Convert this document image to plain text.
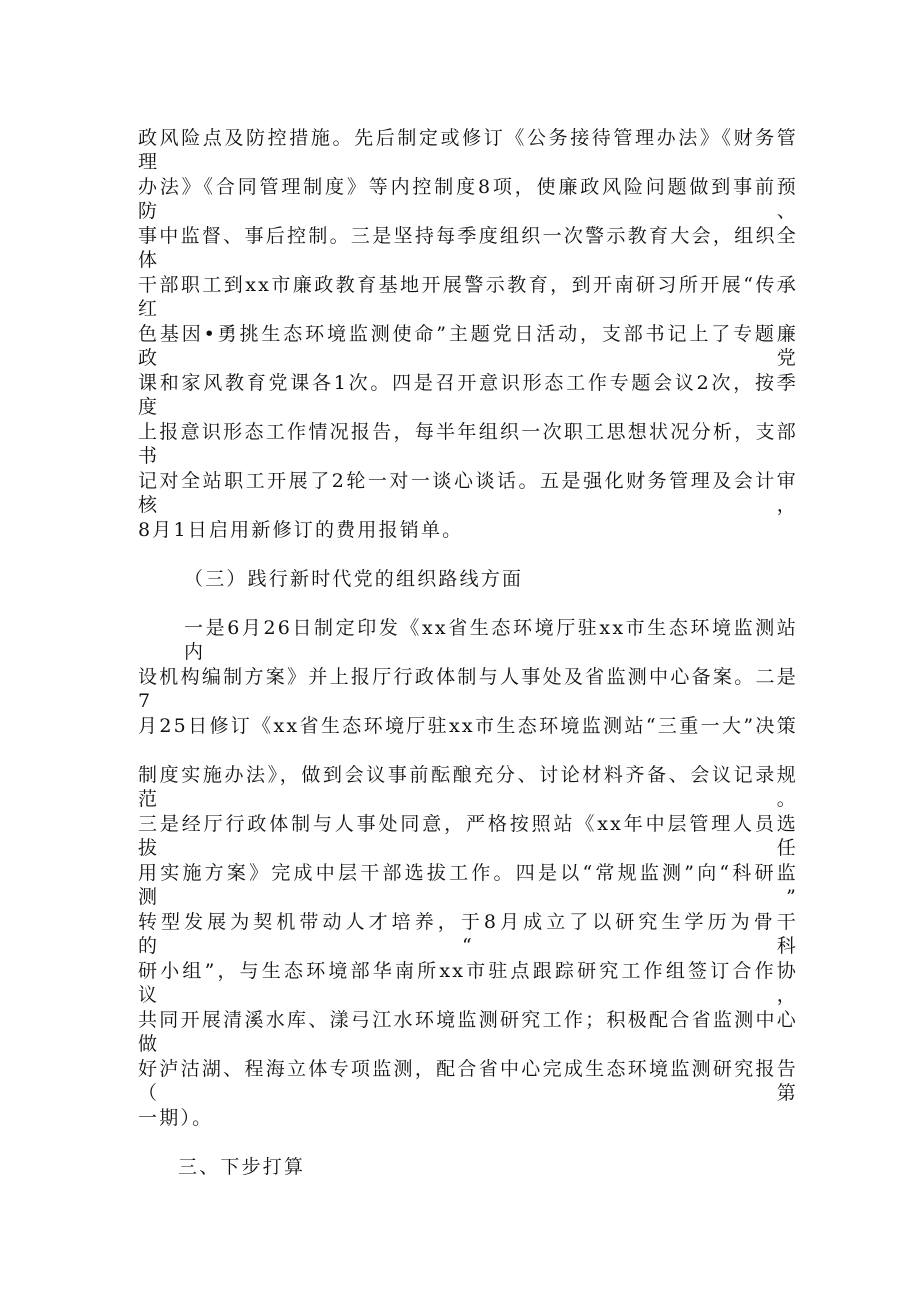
政风险点及防控措施。先后制定或修订《公务接待管理办法》《财务管理
办法》《合同管理制度》等内控制度8项，使廉政风险问题做到事前预防、
事中监督、事后控制。三是坚持每季度组织一次警示教育大会，组织全体
干部职工到xx市廉政教育基地开展警示教育，到开南研习所开展“传承红
色基因•勇挑生态环境监测使命”主题党日活动，支部书记上了专题廉政党
课和家风教育党课各1次。四是召开意识形态工作专题会议2次，按季度
上报意识形态工作情况报告，每半年组织一次职工思想状况分析，支部书
记对全站职工开展了2轮一对一谈心谈话。五是强化财务管理及会计审核，
8月1日启用新修订的费用报销单。
（三）践行新时代党的组织路线方面
一是6月26日制定印发《xx省生态环境厅驻xx市生态环境监测站内
设机构编制方案》并上报厅行政体制与人事处及省监测中心备案。二是7
月25日修订《xx省生态环境厅驻xx市生态环境监测站“三重一大”决策
制度实施办法》，做到会议事前酝酿充分、讨论材料齐备、会议记录规范。
三是经厅行政体制与人事处同意，严格按照站《xx年中层管理人员选拔任
用实施方案》完成中层干部选拔工作。四是以“常规监测”向“科研监测”
转型发展为契机带动人才培养，于8月成立了以研究生学历为骨干的“科
研小组”，与生态环境部华南所xx市驻点跟踪研究工作组签订合作协议，
共同开展清溪水库、漾弓江水环境监测研究工作；积极配合省监测中心做
好泸沽湖、程海立体专项监测，配合省中心完成生态环境监测研究报告（第
一期）。
三、下步打算
